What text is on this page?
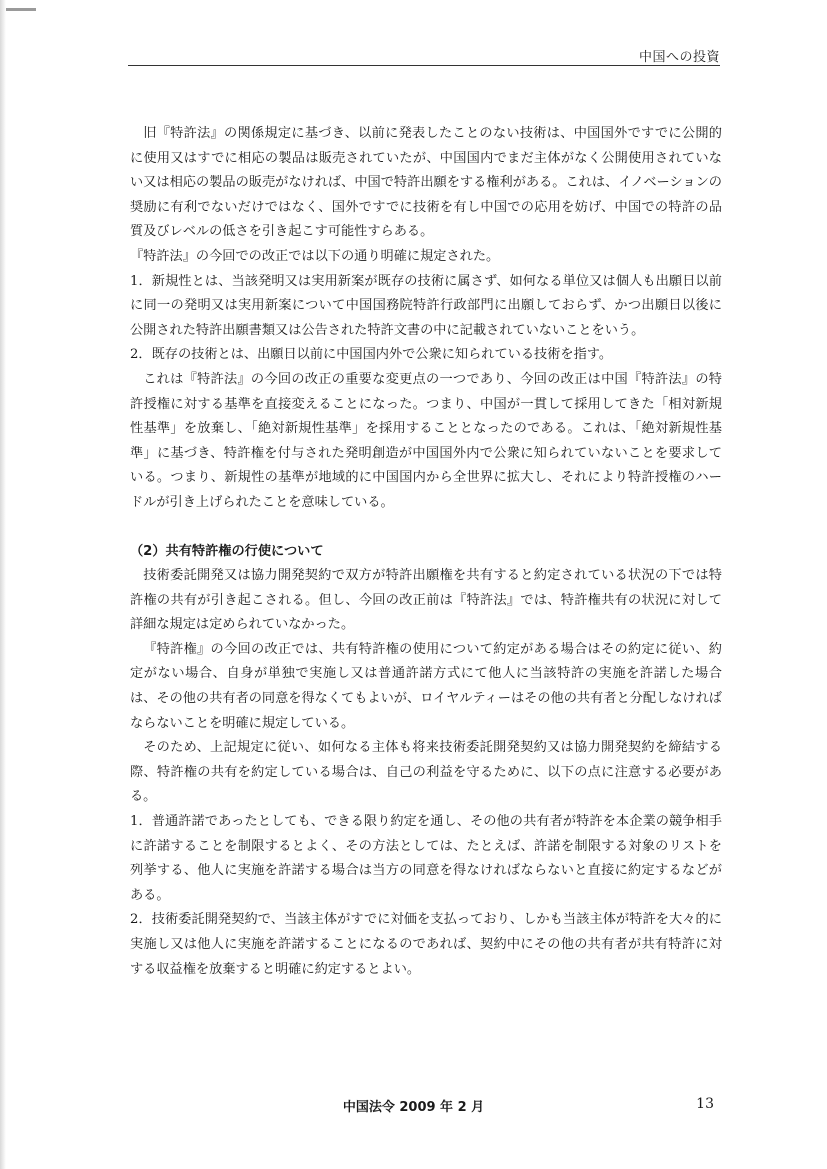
中国への投資

旧『特許法』の関係規定に基づき、以前に発表したことのない技術は、中国国外ですでに公開的に使用又はすでに相応の製品は販売されていたが、中国国内でまだ主体がなく公開使用されていない又は相応の製品の販売がなければ、中国で特許出願をする権利がある。これは、イノベーションの奨励に有利でないだけではなく、国外ですでに技術を有し中国での応用を妨げ、中国での特許の品質及びレベルの低さを引き起こす可能性すらある。

『特許法』の今回での改正では以下の通り明確に規定された。

1．新規性とは、当該発明又は実用新案が既存の技術に属さず、如何なる単位又は個人も出願日以前に同一の発明又は実用新案について中国国務院特許行政部門に出願しておらず、かつ出願日以後に公開された特許出願書類又は公告された特許文書の中に記載されていないことをいう。

2．既存の技術とは、出願日以前に中国国内外で公衆に知られている技術を指す。

これは『特許法』の今回の改正の重要な変更点の一つであり、今回の改正は中国『特許法』の特許授権に対する基準を直接変えることになった。つまり、中国が一貫して採用してきた「相対新規性基準」を放棄し、「絶対新規性基準」を採用することとなったのである。これは、「絶対新規性基準」に基づき、特許権を付与された発明創造が中国国外内で公衆に知られていないことを要求している。つまり、新規性の基準が地域的に中国国内から全世界に拡大し、それにより特許授権のハードルが引き上げられたことを意味している。

（2）共有特許権の行使について

技術委託開発又は協力開発契約で双方が特許出願権を共有すると約定されている状況の下では特許権の共有が引き起こされる。但し、今回の改正前は『特許法』では、特許権共有の状況に対して詳細な規定は定められていなかった。

『特許権』の今回の改正では、共有特許権の使用について約定がある場合はその約定に従い、約定がない場合、自身が単独で実施し又は普通許諾方式にて他人に当該特許の実施を許諾した場合は、その他の共有者の同意を得なくてもよいが、ロイヤルティーはその他の共有者と分配しなければならないことを明確に規定している。

そのため、上記規定に従い、如何なる主体も将来技術委託開発契約又は協力開発契約を締結する際、特許権の共有を約定している場合は、自己の利益を守るために、以下の点に注意する必要がある。

1．普通許諾であったとしても、できる限り約定を通し、その他の共有者が特許を本企業の競争相手に許諾することを制限するとよく、その方法としては、たとえば、許諾を制限する対象のリストを列挙する、他人に実施を許諾する場合は当方の同意を得なければならないと直接に約定するなどがある。

2．技術委託開発契約で、当該主体がすでに対価を支払っており、しかも当該主体が特許を大々的に実施し又は他人に実施を許諾することになるのであれば、契約中にその他の共有者が共有特許に対する収益権を放棄すると明確に約定するとよい。

中国法令 2009 年 2 月	13
